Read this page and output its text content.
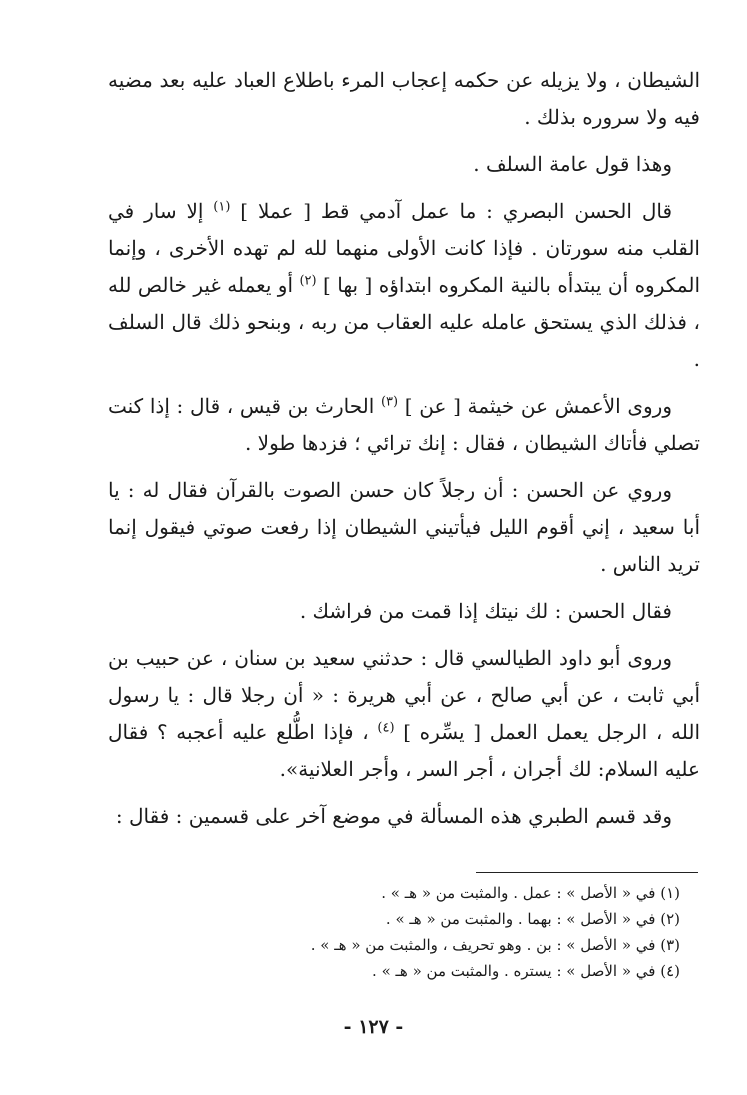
الشيطان ، ولا يزيله عن حكمه إعجاب المرء باطلاع العباد عليه بعد مضيه فيه ولا سروره بذلك .

وهذا قول عامة السلف .

قال الحسن البصري : ما عمل آدمي قط [ عملا ] $^{(١)}$ إلا سار في القلب منه سورتان . فإذا كانت الأولى منهما لله لم تهده الأخرى ، وإنما المكروه أن يبتدأه بالنية المكروه ابتداؤه [ بها ] $^{(٢)}$ أو يعمله غير خالص لله ، فذلك الذي يستحق عامله عليه العقاب من ربه ، وبنحو ذلك قال السلف .

وروى الأعمش عن خيثمة [ عن ] $^{(٣)}$ الحارث بن قيس ، قال : إذا كنت تصلي فأتاك الشيطان ، فقال : إنك ترائي ؛ فزدها طولا .

وروي عن الحسن : أن رجلاً كان حسن الصوت بالقرآن فقال له : يا أبا سعيد ، إني أقوم الليل فيأتيني الشيطان إذا رفعت صوتي فيقول إنما تريد الناس .

فقال الحسن : لك نيتك إذا قمت من فراشك .

وروى أبو داود الطيالسي قال : حدثني سعيد بن سنان ، عن حبيب بن أبي ثابت ، عن أبي صالح ، عن أبي هريرة : « أن رجلا قال : يا رسول الله ، الرجل يعمل العمل [ يسِّره ] $^{(٤)}$ ، فإذا اطُّلع عليه أعجبه ؟ فقال عليه السلام: لك أجران ، أجر السر ، وأجر العلانية».

وقد قسم الطبري هذه المسألة في موضع آخر على قسمين : فقال :

(١) في « الأصل » : عمل . والمثبت من « هـ » .

(٢) في « الأصل » : بهما . والمثبت من « هـ » .

(٣) في « الأصل » : بن . وهو تحريف ، والمثبت من « هـ » .

(٤) في « الأصل » : يستره . والمثبت من « هـ » .

- ١٢٧ -
